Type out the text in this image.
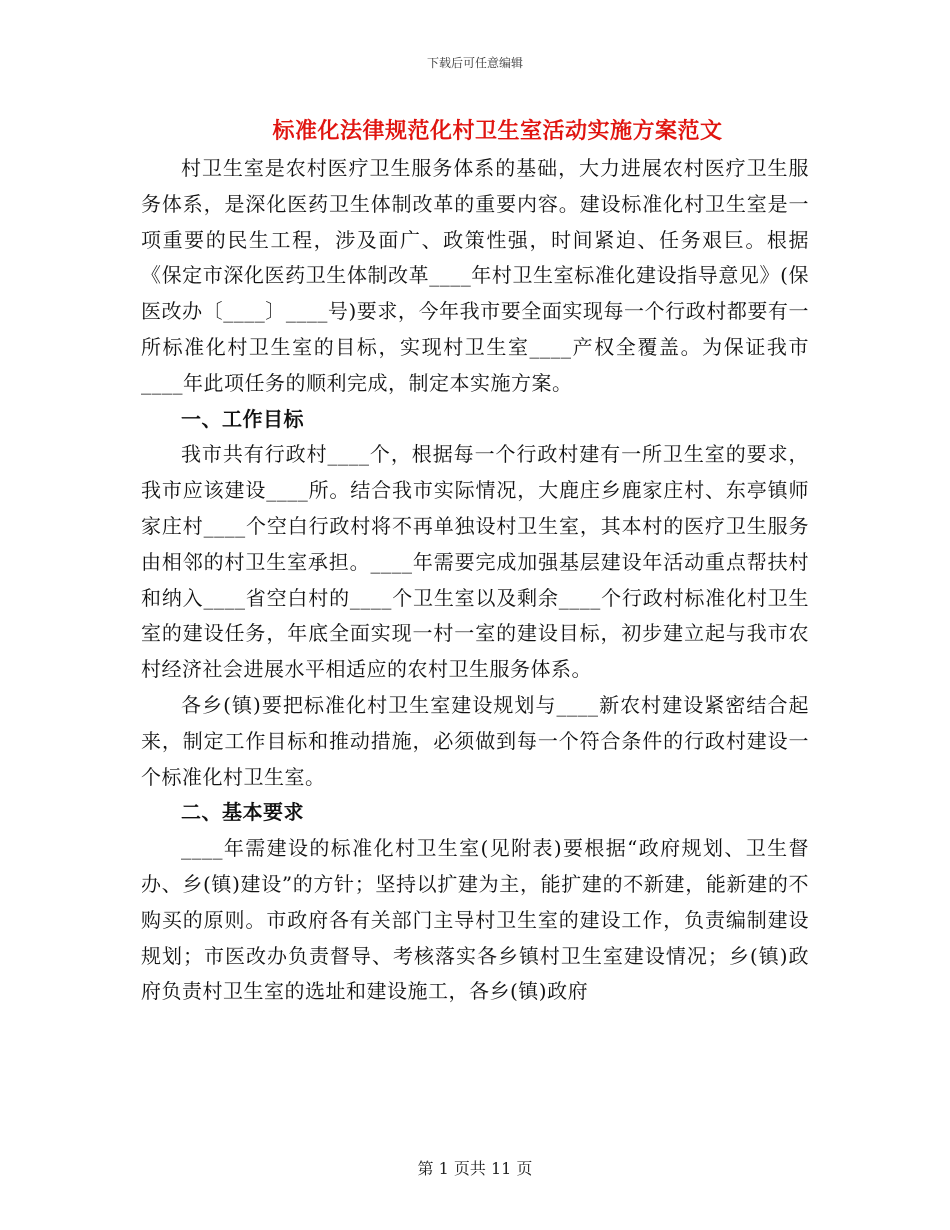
下载后可任意编辑
标准化法律规范化村卫生室活动实施方案范文

村卫生室是农村医疗卫生服务体系的基础，大力进展农村医疗卫生服务体系，是深化医药卫生体制改革的重要内容。建设标准化村卫生室是一项重要的民生工程，涉及面广、政策性强，时间紧迫、任务艰巨。根据《保定市深化医药卫生体制改革____年村卫生室标准化建设指导意见》(保医改办〔____〕____号)要求，今年我市要全面实现每一个行政村都要有一所标准化村卫生室的目标，实现村卫生室____产权全覆盖。为保证我市____年此项任务的顺利完成，制定本实施方案。

一、工作目标

我市共有行政村____个，根据每一个行政村建有一所卫生室的要求，我市应该建设____所。结合我市实际情况，大鹿庄乡鹿家庄村、东亭镇师家庄村____个空白行政村将不再单独设村卫生室，其本村的医疗卫生服务由相邻的村卫生室承担。____年需要完成加强基层建设年活动重点帮扶村和纳入____省空白村的____个卫生室以及剩余____个行政村标准化村卫生室的建设任务，年底全面实现一村一室的建设目标，初步建立起与我市农村经济社会进展水平相适应的农村卫生服务体系。

各乡(镇)要把标准化村卫生室建设规划与____新农村建设紧密结合起来，制定工作目标和推动措施，必须做到每一个符合条件的行政村建设一个标准化村卫生室。

二、基本要求

____年需建设的标准化村卫生室(见附表)要根据“政府规划、卫生督办、乡(镇)建设”的方针；坚持以扩建为主，能扩建的不新建，能新建的不购买的原则。市政府各有关部门主导村卫生室的建设工作，负责编制建设规划；市医改办负责督导、考核落实各乡镇村卫生室建设情况；乡(镇)政府负责村卫生室的选址和建设施工，各乡(镇)政府

第 1 页共 11 页
